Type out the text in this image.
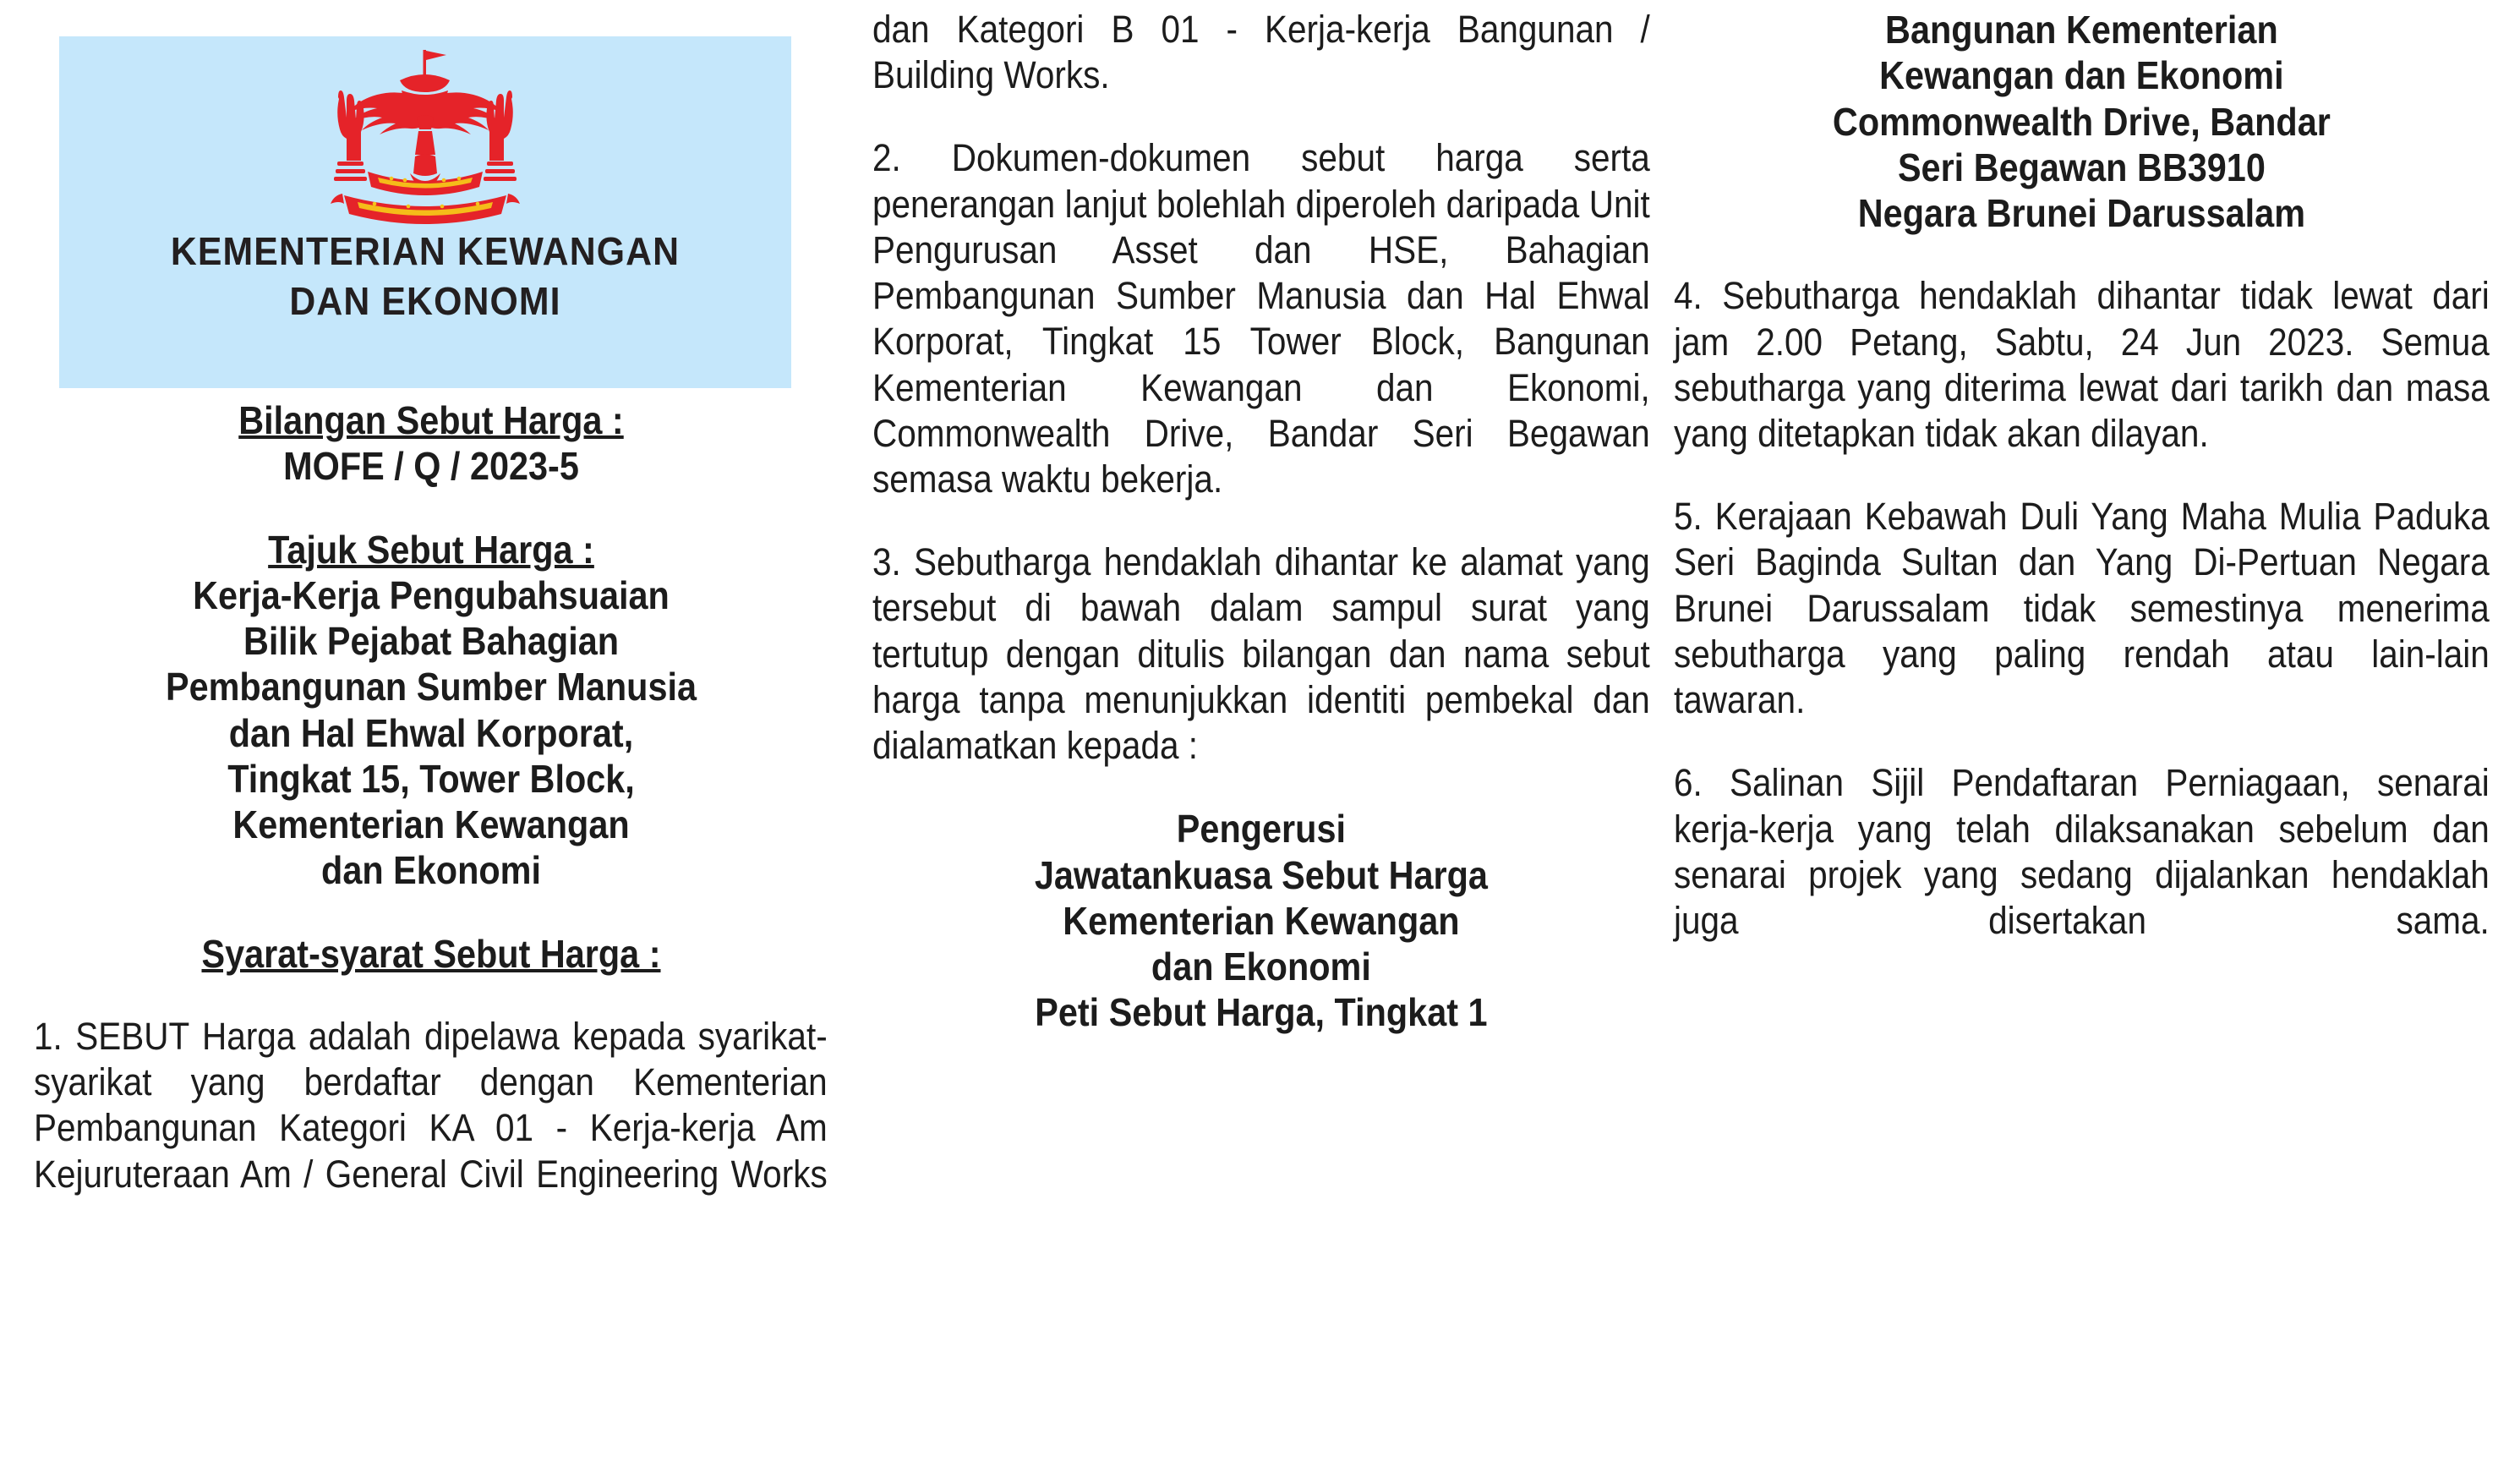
KEMENTERIAN KEWANGAN
DAN EKONOMI
Bilangan Sebut Harga :
MOFE / Q / 2023-5
Tajuk Sebut Harga :
Kerja-Kerja Pengubahsuaian
Bilik Pejabat Bahagian
Pembangunan Sumber Manusia
dan Hal Ehwal Korporat,
Tingkat 15, Tower Block,
Kementerian Kewangan
dan Ekonomi
Syarat-syarat Sebut Harga :
1. SEBUT Harga adalah dipelawa kepada syarikat-syarikat yang berdaftar dengan Kementerian Pembangunan Kategori KA 01 - Kerja-kerja Am Kejuruteraan Am / General Civil Engineering Works
dan Kategori B 01 - Kerja-kerja Bangunan / Building Works.
2. Dokumen-dokumen sebut harga serta penerangan lanjut bolehlah diperoleh daripada Unit Pengurusan Asset dan HSE, Bahagian Pembangunan Sumber Manusia dan Hal Ehwal Korporat, Tingkat 15 Tower Block, Bangunan Kementerian Kewangan dan Ekonomi, Commonwealth Drive, Bandar Seri Begawan semasa waktu bekerja.
3. Sebutharga hendaklah dihantar ke alamat yang tersebut di bawah dalam sampul surat yang tertutup dengan ditulis bilangan dan nama sebut harga tanpa menunjukkan identiti pembekal dan dialamatkan kepada :
Pengerusi
Jawatankuasa Sebut Harga
Kementerian Kewangan
dan Ekonomi
Peti Sebut Harga, Tingkat 1
Bangunan Kementerian
Kewangan dan Ekonomi
Commonwealth Drive, Bandar
Seri Begawan BB3910
Negara Brunei Darussalam
4. Sebutharga hendaklah dihantar tidak lewat dari jam 2.00 Petang, Sabtu, 24 Jun 2023. Semua sebutharga yang diterima lewat dari tarikh dan masa yang ditetapkan tidak akan dilayan.
5. Kerajaan Kebawah Duli Yang Maha Mulia Paduka Seri Baginda Sultan dan Yang Di-Pertuan Negara Brunei Darussalam tidak semestinya menerima sebutharga yang paling rendah atau lain-lain tawaran.
6. Salinan Sijil Pendaftaran Perniagaan, senarai kerja-kerja yang telah dilaksanakan sebelum dan senarai projek yang sedang dijalankan hendaklah juga disertakan sama.
